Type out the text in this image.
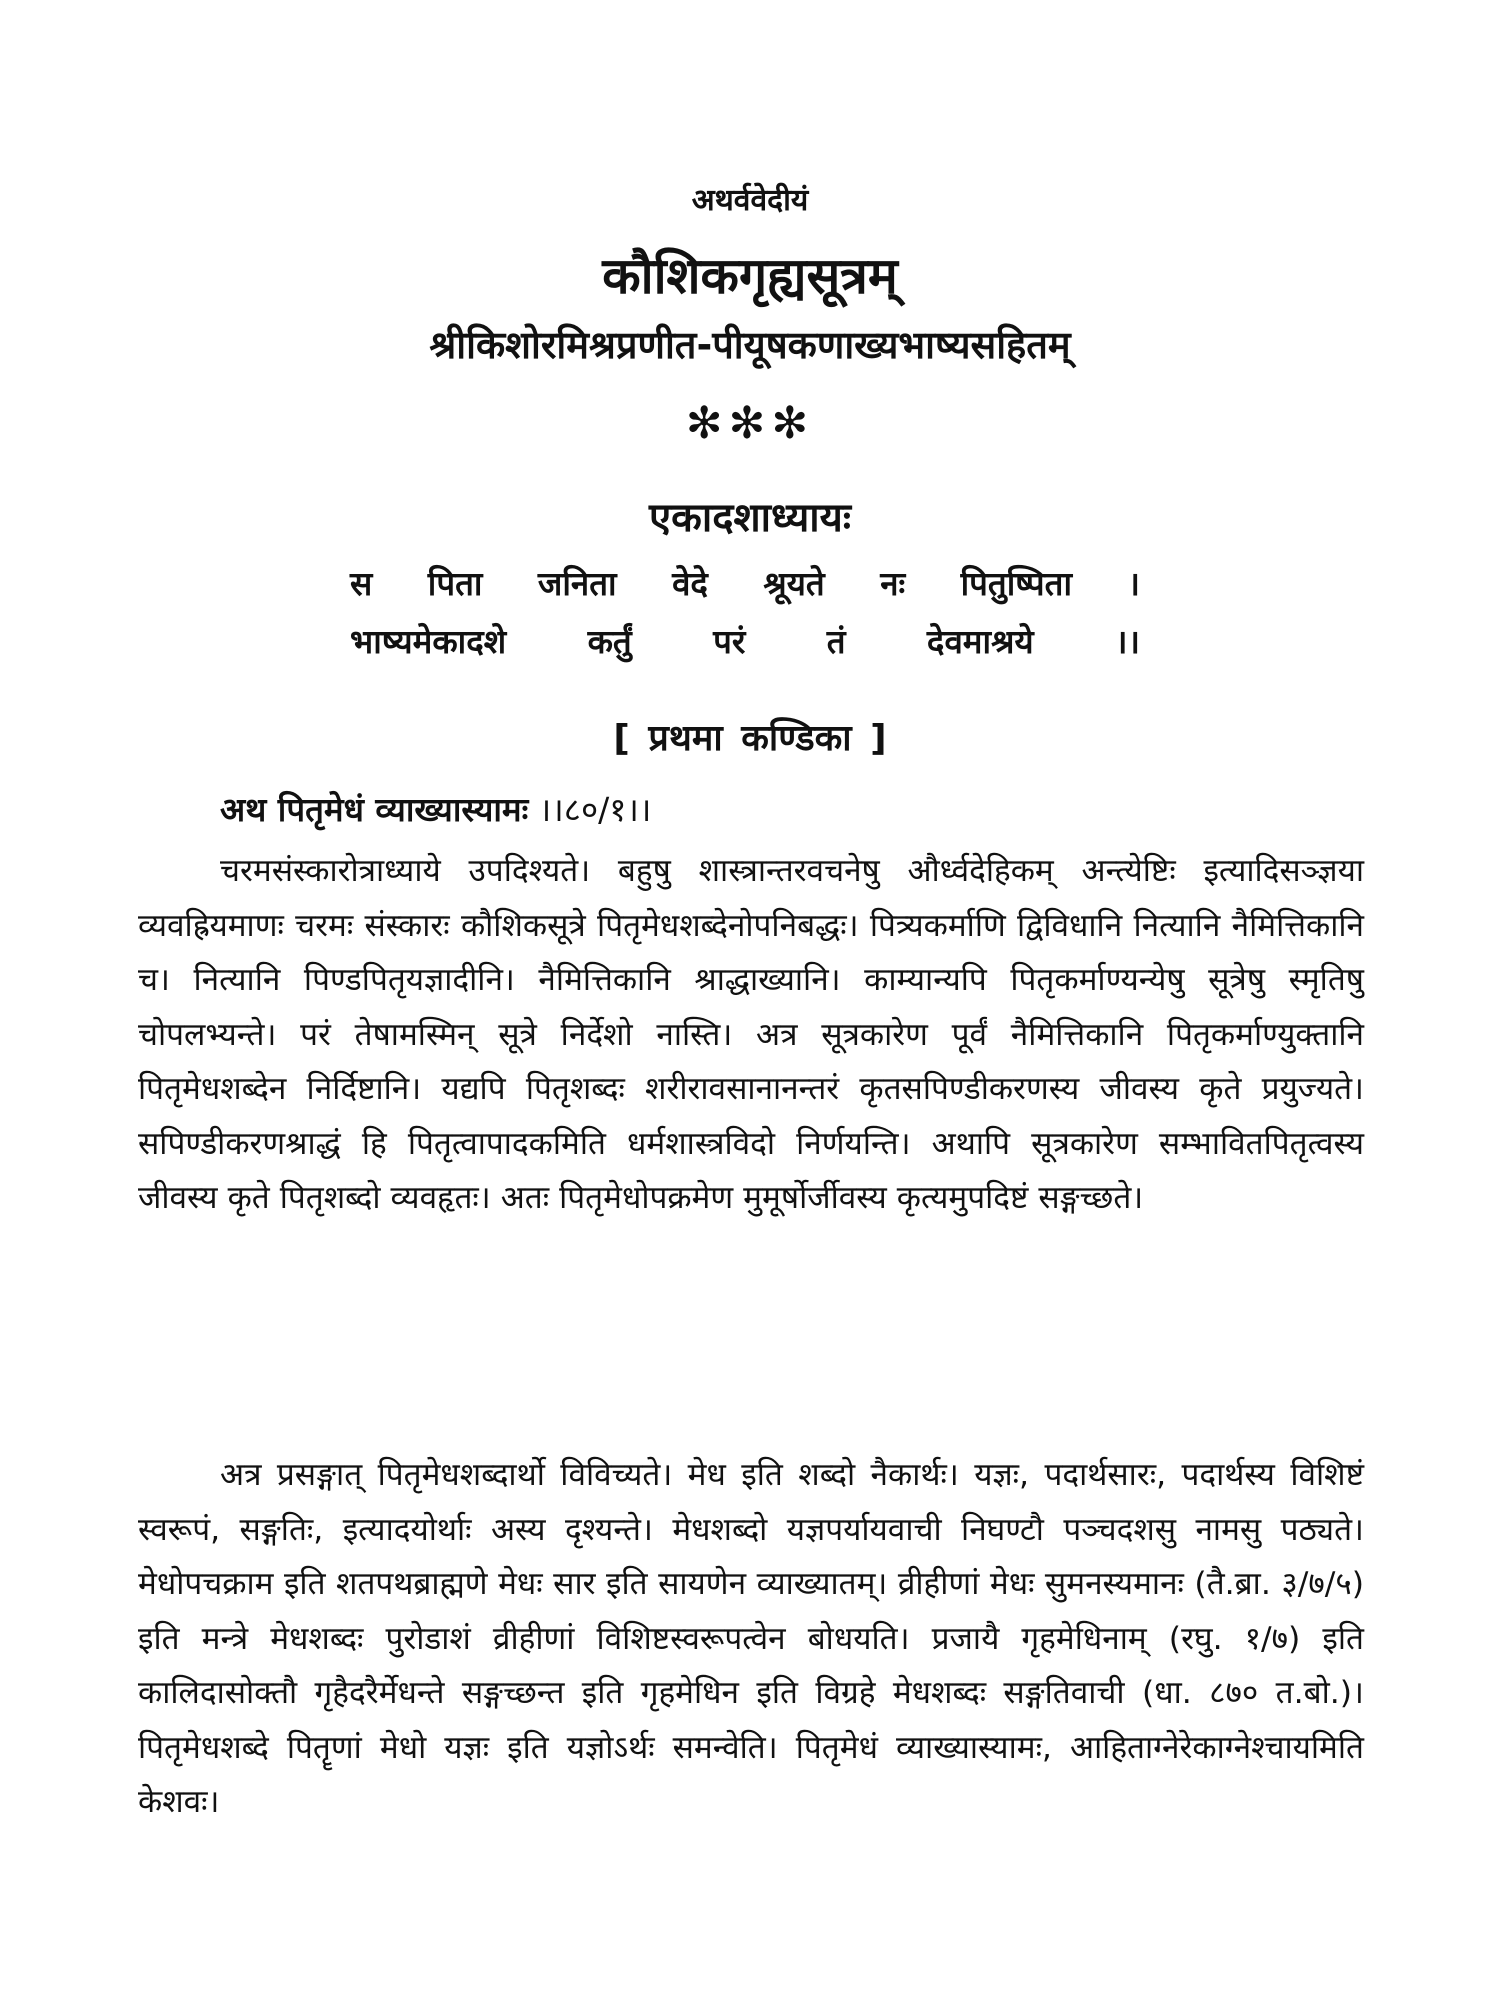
अथर्ववेदीयं
कौशिकगृह्यसूत्रम्
श्रीकिशोरमिश्रप्रणीत-पीयूषकणाख्यभाष्यसहितम्
✻✻✻
एकादशाध्यायः
स पिता जनिता वेदे श्रूयते नः पितुष्पिता ।
भाष्यमेकादशे कर्तुं परं तं देवमाश्रये ।।
[ प्रथमा कण्डिका ]
अथ पितृमेधं व्याख्यास्यामः ।।८०/१।।

चरमसंस्कारोत्राध्याये उपदिश्यते। बहुषु शास्त्रान्तरवचनेषु और्ध्वदेहिकम् अन्त्येष्टिः इत्यादिसञ्ज्ञया व्यवह्रियमाणः चरमः संस्कारः कौशिकसूत्रे पितृमेधशब्देनोपनिबद्धः। पित्र्यकर्माणि द्विविधानि नित्यानि नैमित्तिकानि च। नित्यानि पिण्डपितृयज्ञादीनि। नैमित्तिकानि श्राद्धाख्यानि। काम्यान्यपि पितृकर्माण्यन्येषु सूत्रेषु स्मृतिषु चोपलभ्यन्ते। परं तेषामस्मिन् सूत्रे निर्देशो नास्ति। अत्र सूत्रकारेण पूर्वं नैमित्तिकानि पितृकर्माण्युक्तानि पितृमेधशब्देन निर्दिष्टानि। यद्यपि पितृशब्दः शरीरावसानानन्तरं कृतसपिण्डीकरणस्य जीवस्य कृते प्रयुज्यते। सपिण्डीकरणश्राद्धं हि पितृत्वापादकमिति धर्मशास्त्रविदो निर्णयन्ति। अथापि सूत्रकारेण सम्भावितपितृत्वस्य जीवस्य कृते पितृशब्दो व्यवहृतः। अतः पितृमेधोपक्रमेण मुमूर्षोर्जीवस्य कृत्यमुपदिष्टं सङ्गच्छते।

अत्र प्रसङ्गात् पितृमेधशब्दार्थो विविच्यते। मेध इति शब्दो नैकार्थः। यज्ञः, पदार्थसारः, पदार्थस्य विशिष्टं स्वरूपं, सङ्गतिः, इत्यादयोर्थाः अस्य दृश्यन्ते। मेधशब्दो यज्ञपर्यायवाची निघण्टौ पञ्चदशसु नामसु पठ्यते। मेधोपचक्राम इति शतपथब्राह्मणे मेधः सार इति सायणेन व्याख्यातम्। व्रीहीणां मेधः सुमनस्यमानः (तै.ब्रा. ३/७/५) इति मन्त्रे मेधशब्दः पुरोडाशं व्रीहीणां विशिष्टस्वरूपत्वेन बोधयति। प्रजायै गृहमेधिनाम् (रघु. १/७) इति कालिदासोक्तौ गृहैदरैर्मेधन्ते सङ्गच्छन्त इति गृहमेधिन इति विग्रहे मेधशब्दः सङ्गतिवाची (धा. ८७० त.बो.)। पितृमेधशब्दे पितॄणां मेधो यज्ञः इति यज्ञोऽर्थः समन्वेति। पितृमेधं व्याख्यास्यामः, आहिताग्नेरेकाग्नेश्चायमिति केशवः।
